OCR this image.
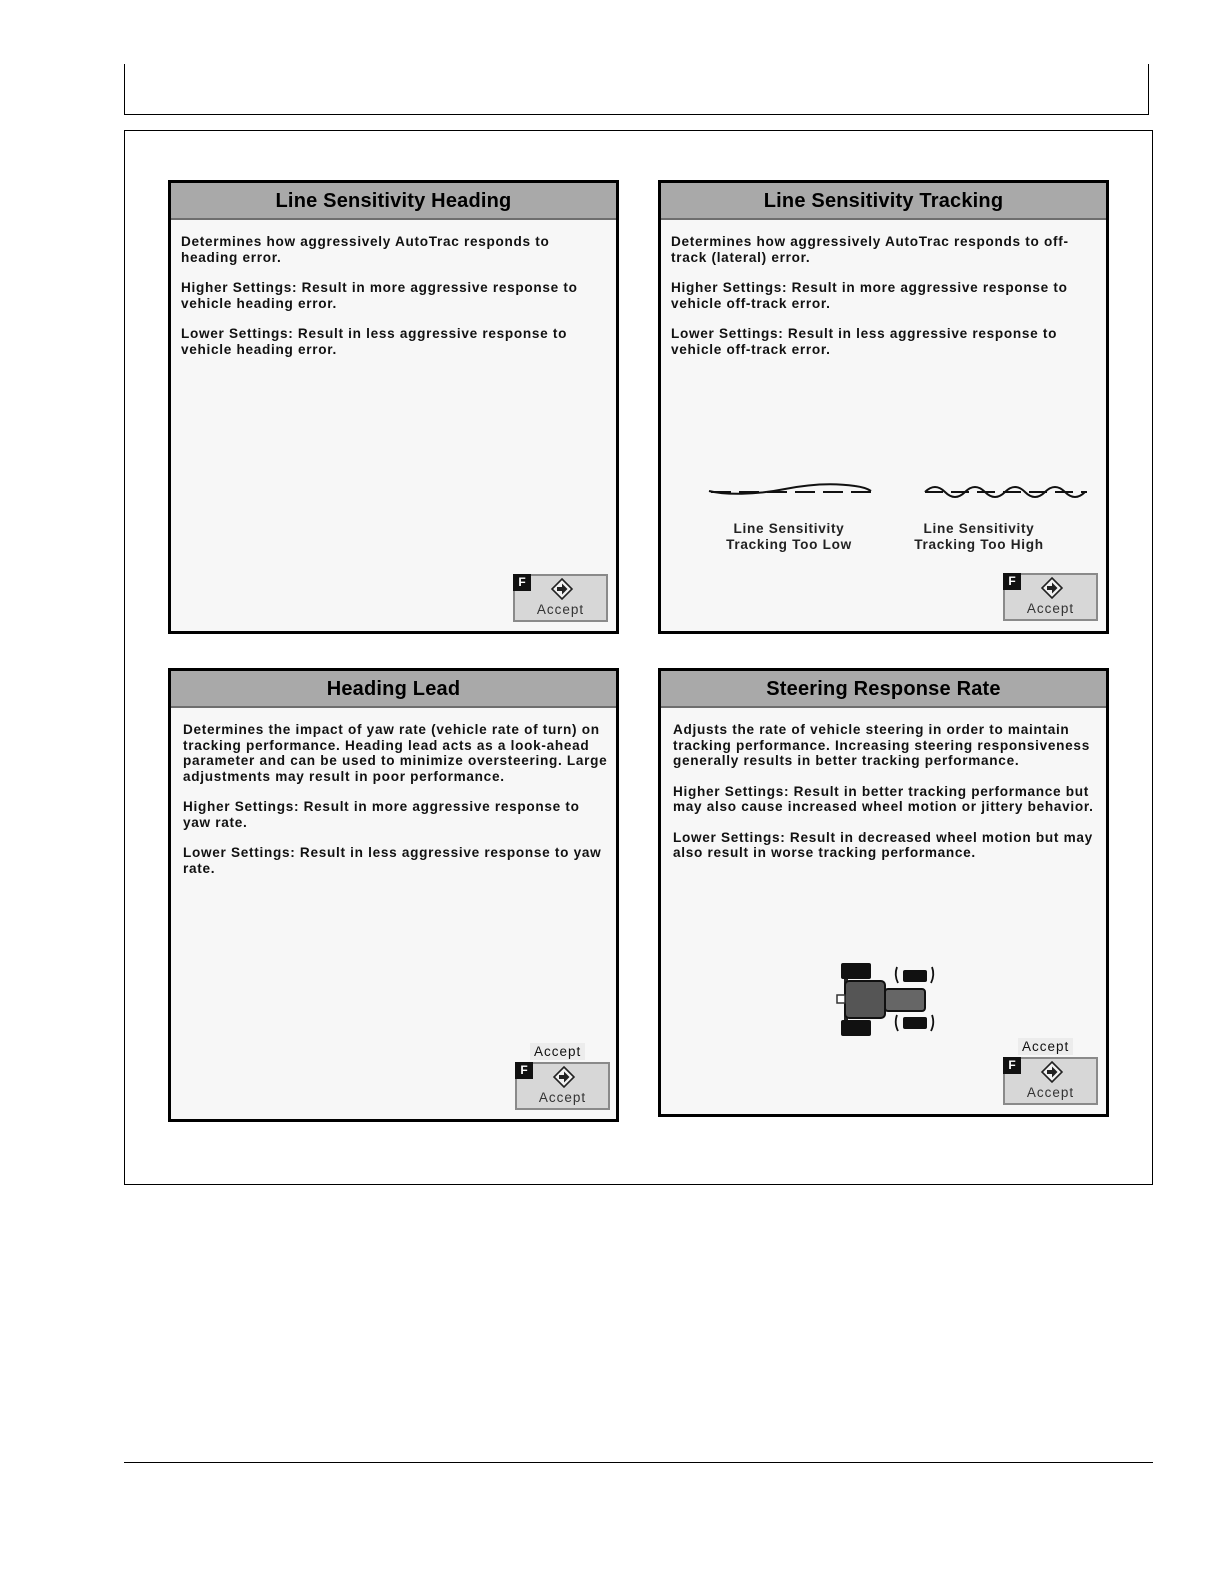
Line Sensitivity Heading

Determines how aggressively AutoTrac responds to heading error.

Higher Settings: Result in more aggressive response to vehicle heading error.

Lower Settings: Result in less aggressive response to vehicle heading error.

F
Accept
Line Sensitivity Tracking

Determines how aggressively AutoTrac responds to off-track (lateral) error.

Higher Settings: Result in more aggressive response to vehicle off-track error.

Lower Settings: Result in less aggressive response to vehicle off-track error.

Line Sensitivity
Tracking Too Low
Line Sensitivity
Tracking Too High
F
Accept
Heading Lead

Determines the impact of yaw rate (vehicle rate of turn) on tracking performance. Heading lead acts as a look-ahead parameter and can be used to minimize oversteering. Large adjustments may result in poor performance.

Higher Settings: Result in more aggressive response to yaw rate.

Lower Settings: Result in less aggressive response to yaw rate.

Accept
F
Accept
Steering Response Rate

Adjusts the rate of vehicle steering in order to maintain tracking performance. Increasing steering responsiveness generally results in better tracking performance.

Higher Settings: Result in better tracking performance but may also cause increased wheel motion or jittery behavior.

Lower Settings: Result in decreased wheel motion but may also result in worse tracking performance.

Accept
F
Accept
